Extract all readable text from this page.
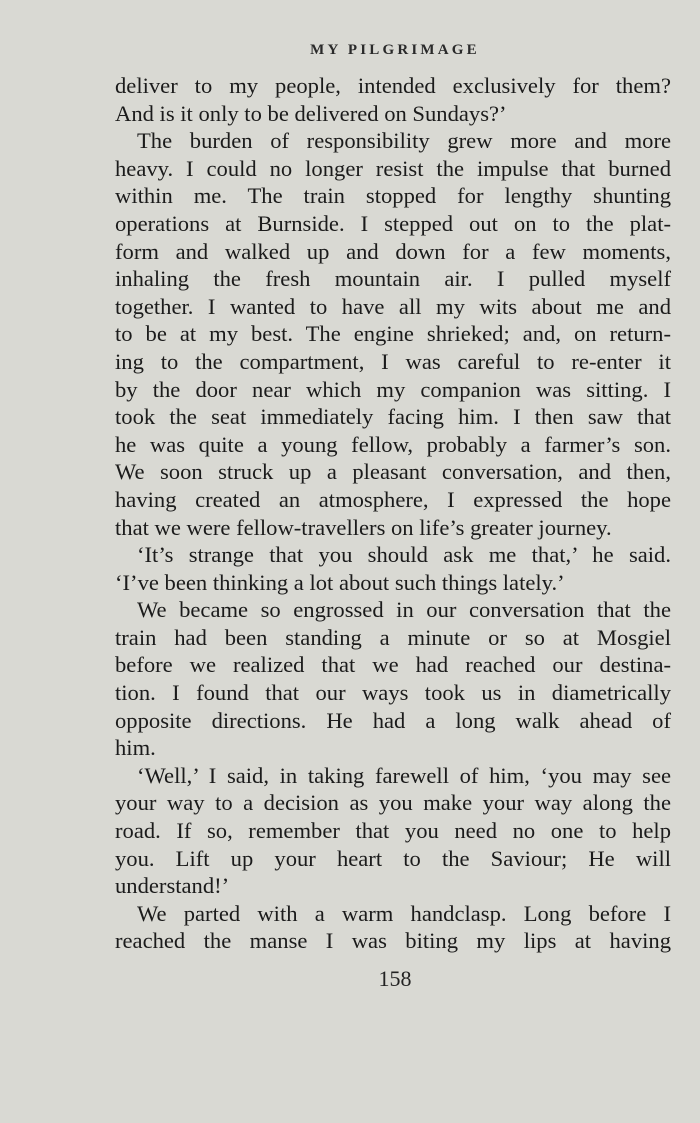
MY PILGRIMAGE
deliver to my people, intended exclusively for them?
And is it only to be delivered on Sundays?’
The burden of responsibility grew more and more
heavy. I could no longer resist the impulse that burned
within me. The train stopped for lengthy shunting
operations at Burnside. I stepped out on to the plat-
form and walked up and down for a few moments,
inhaling the fresh mountain air. I pulled myself
together. I wanted to have all my wits about me and
to be at my best. The engine shrieked; and, on return-
ing to the compartment, I was careful to re-enter it
by the door near which my companion was sitting. I
took the seat immediately facing him. I then saw that
he was quite a young fellow, probably a farmer’s son.
We soon struck up a pleasant conversation, and then,
having created an atmosphere, I expressed the hope
that we were fellow-travellers on life’s greater journey.
‘It’s strange that you should ask me that,’ he said.
‘I’ve been thinking a lot about such things lately.’
We became so engrossed in our conversation that the
train had been standing a minute or so at Mosgiel
before we realized that we had reached our destina-
tion. I found that our ways took us in diametrically
opposite directions. He had a long walk ahead of
him.
‘Well,’ I said, in taking farewell of him, ‘you may see
your way to a decision as you make your way along the
road. If so, remember that you need no one to help
you. Lift up your heart to the Saviour; He will
understand!’
We parted with a warm handclasp. Long before I
reached the manse I was biting my lips at having
158
